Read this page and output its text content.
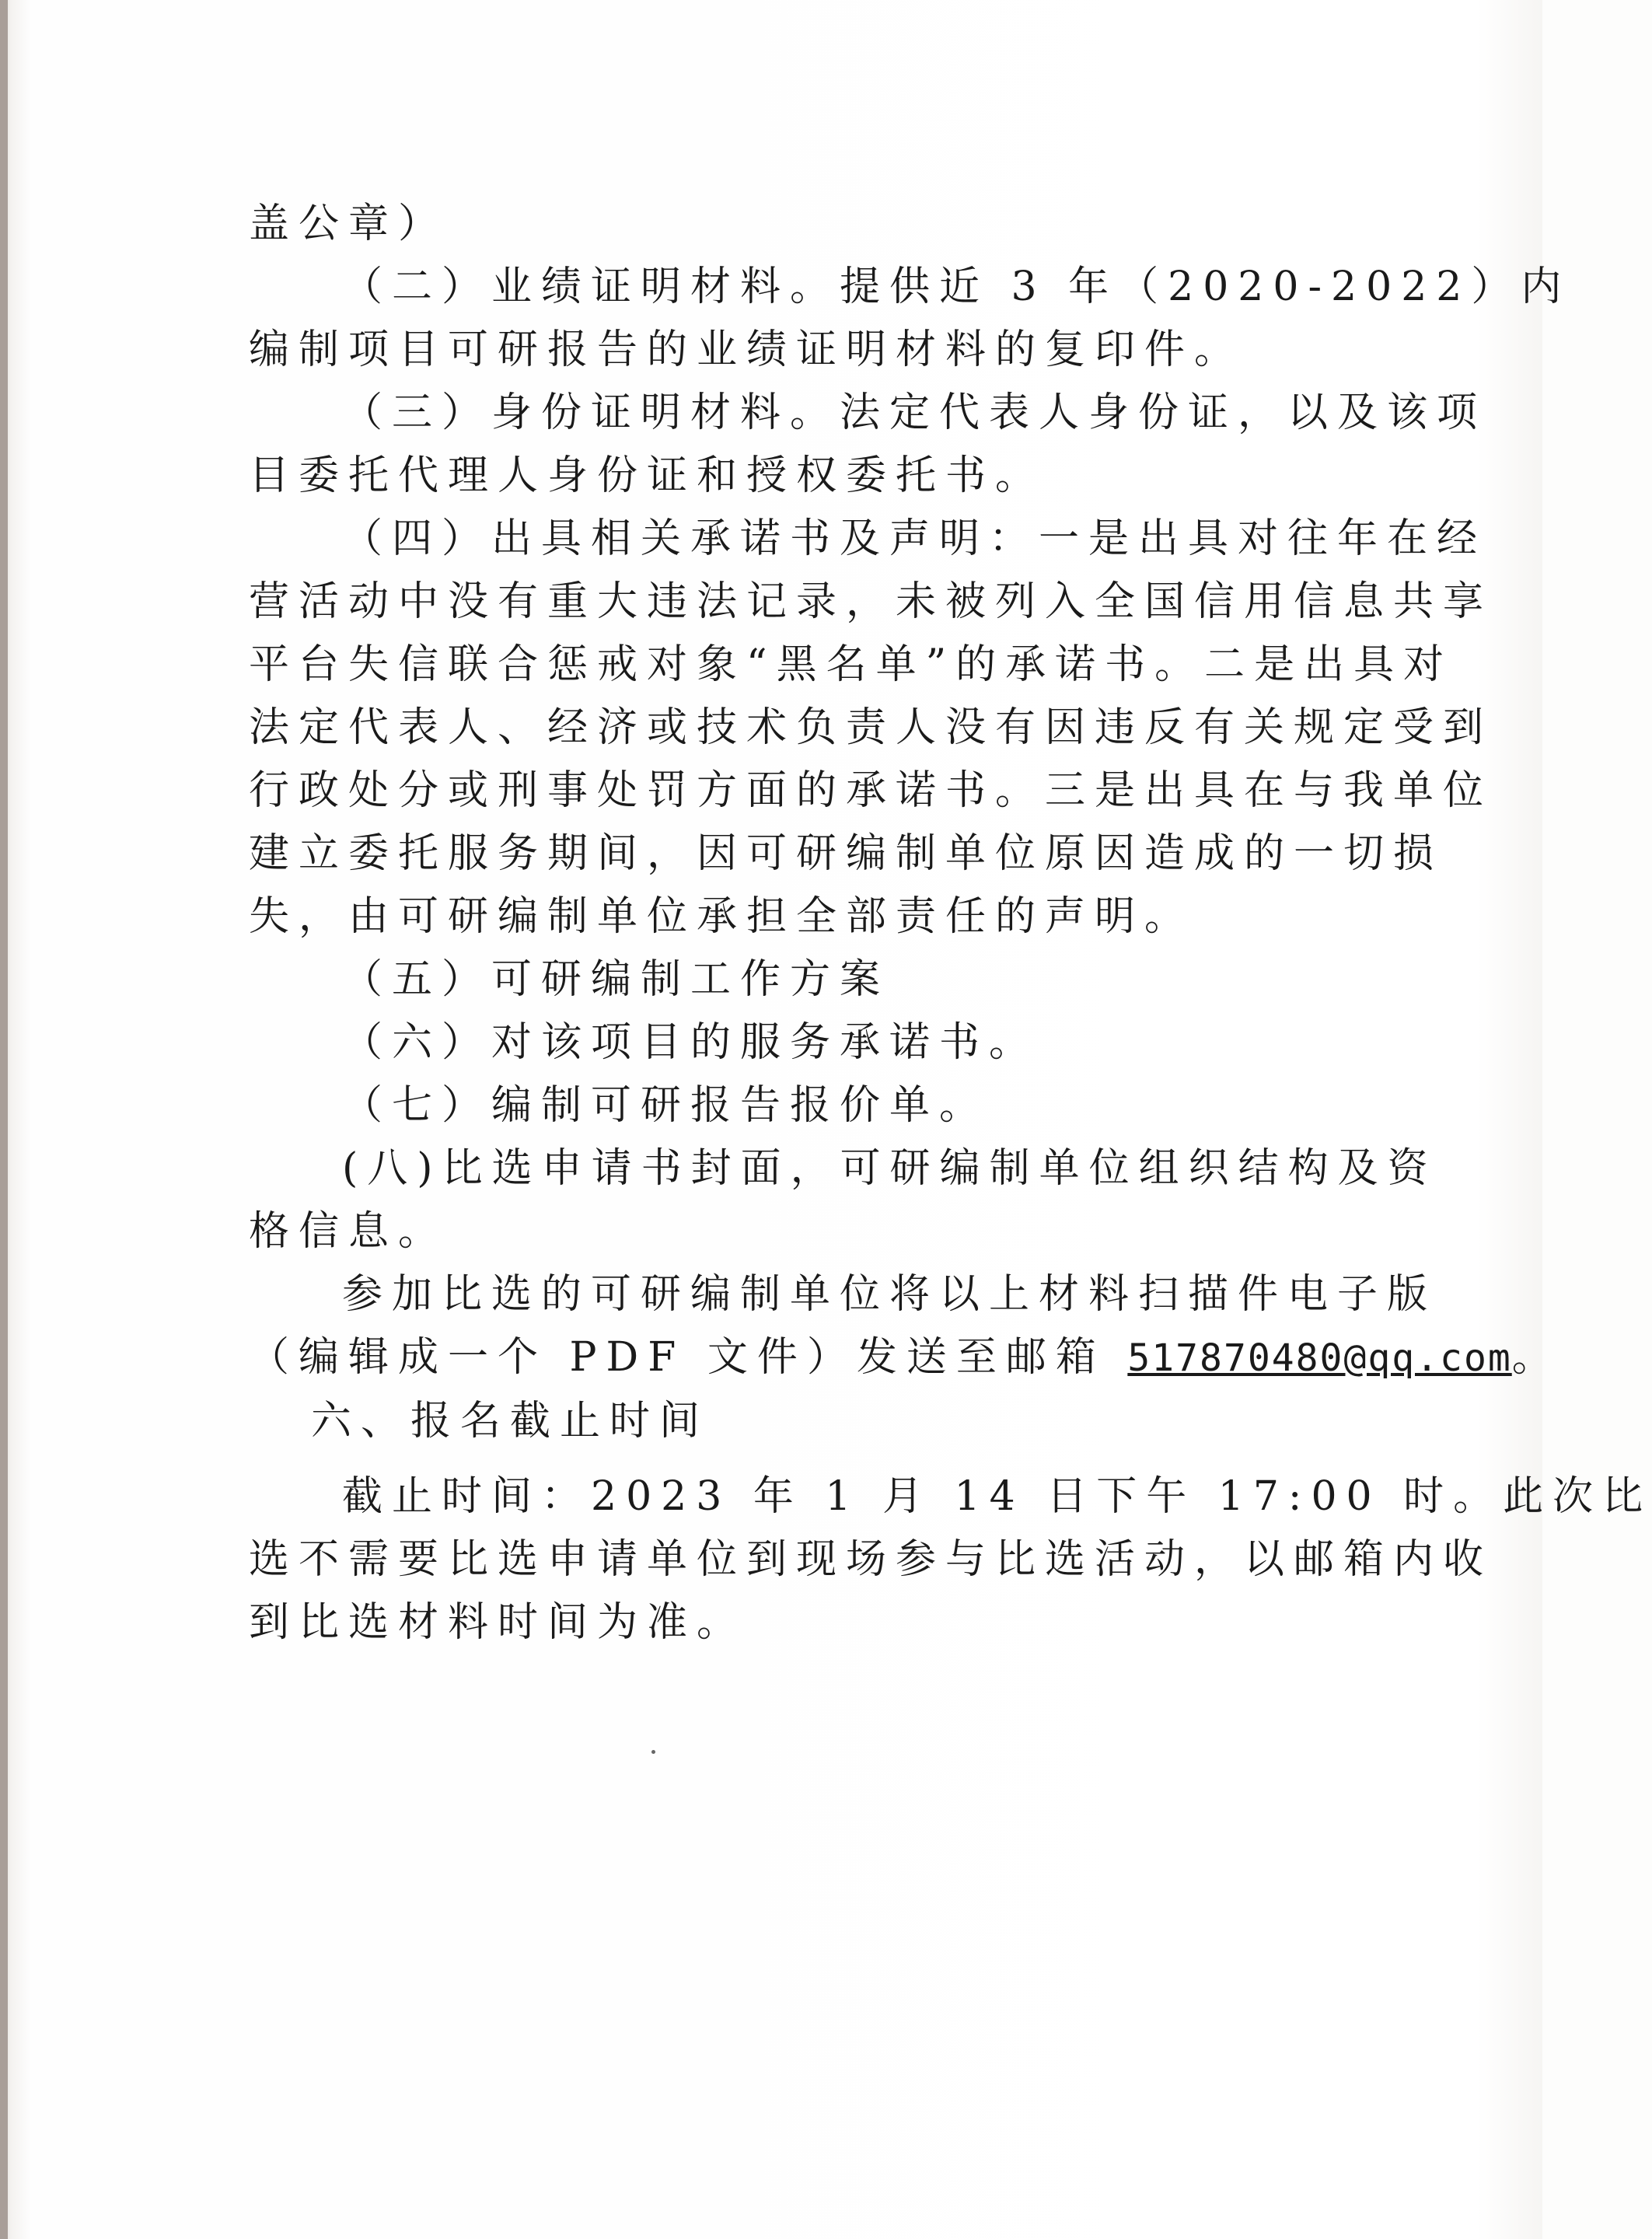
盖公章）
（二）业绩证明材料。提供近 3 年（2020-2022）内
编制项目可研报告的业绩证明材料的复印件。
（三）身份证明材料。法定代表人身份证，以及该项
目委托代理人身份证和授权委托书。
（四）出具相关承诺书及声明：一是出具对往年在经
营活动中没有重大违法记录，未被列入全国信用信息共享
平台失信联合惩戒对象“黑名单”的承诺书。二是出具对
法定代表人、经济或技术负责人没有因违反有关规定受到
行政处分或刑事处罚方面的承诺书。三是出具在与我单位
建立委托服务期间，因可研编制单位原因造成的一切损
失，由可研编制单位承担全部责任的声明。
（五）可研编制工作方案
（六）对该项目的服务承诺书。
（七）编制可研报告报价单。
(八)比选申请书封面，可研编制单位组织结构及资
格信息。
参加比选的可研编制单位将以上材料扫描件电子版
（编辑成一个 PDF 文件）发送至邮箱 517870480@qq.com。
六、报名截止时间
截止时间：2023 年 1 月 14 日下午 17:00 时。此次比
选不需要比选申请单位到现场参与比选活动，以邮箱内收
到比选材料时间为准。
